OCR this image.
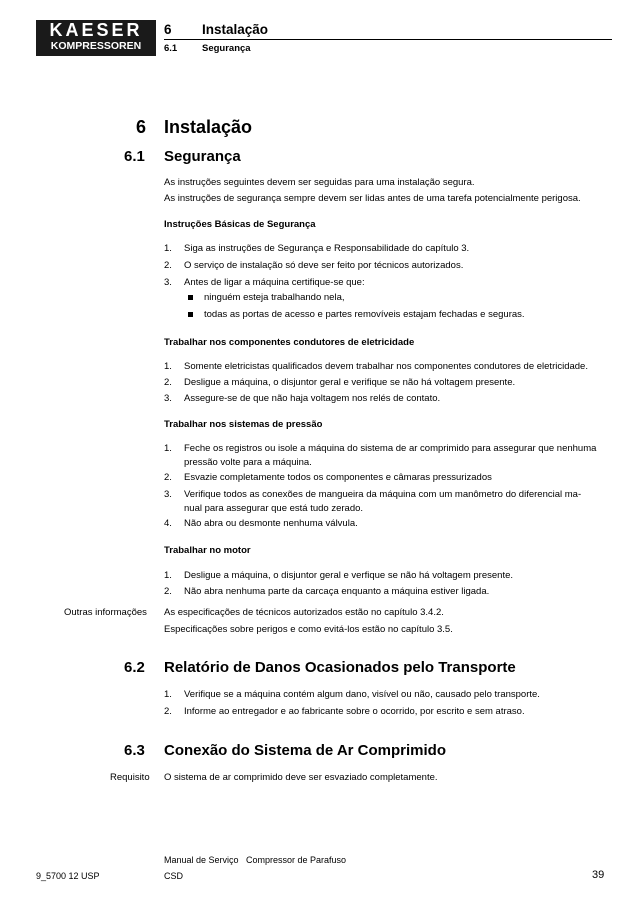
KAESER
KOMPRESSOREN
6 Instalação
6.1	Segurança
6 Instalação
6.1 Segurança
As instruções seguintes devem ser seguidas para uma instalação segura.
As instruções de segurança sempre devem ser lidas antes de uma tarefa potencialmente perigosa.
Instruções Básicas de Segurança
1. Siga as instruções de Segurança e Responsabilidade do capítulo 3.
2. O serviço de instalação só deve ser feito por técnicos autorizados.
3. Antes de ligar a máquina certifique-se que:
ninguém esteja trabalhando nela,
todas as portas de acesso e partes removíveis estajam fechadas e seguras.
Trabalhar nos componentes condutores de eletricidade
1. Somente eletricistas qualificados devem trabalhar nos componentes condutores de eletricidade.
2. Desligue a máquina, o disjuntor geral e verifique se não há voltagem presente.
3. Assegure-se de que não haja voltagem nos relés de contato.
Trabalhar nos sistemas de pressão
1. Feche os registros ou isole a máquina do sistema de ar comprimido para assegurar que nenhuma
pressão volte para a máquina.
2. Esvazie completamente todos os componentes e câmaras pressurizados
3. Verifique todos as conexões de mangueira da máquina com um manômetro do diferencial ma-
nual para assegurar que está tudo zerado.
4. Não abra ou desmonte nenhuma válvula.
Trabalhar no motor
1. Desligue a máquina, o disjuntor geral e verfique se não há voltagem presente.
2. Não abra nenhuma parte da carcaça enquanto a máquina estiver ligada.
Outras informações As especificações de técnicos autorizados estão no capítulo 3.4.2.
Especificações sobre perigos e como evitá-los estão no capítulo 3.5.
6.2 Relatório de Danos Ocasionados pelo Transporte
1. Verifique se a máquina contém algum dano, visível ou não, causado pelo transporte.
2. Informe ao entregador e ao fabricante sobre o ocorrido, por escrito e sem atraso.
6.3 Conexão do Sistema de Ar Comprimido
Requisito O sistema de ar comprimido deve ser esvaziado completamente.
Manual de Serviço Compressor de Parafuso
9_5700 12 USP	CSD	39
